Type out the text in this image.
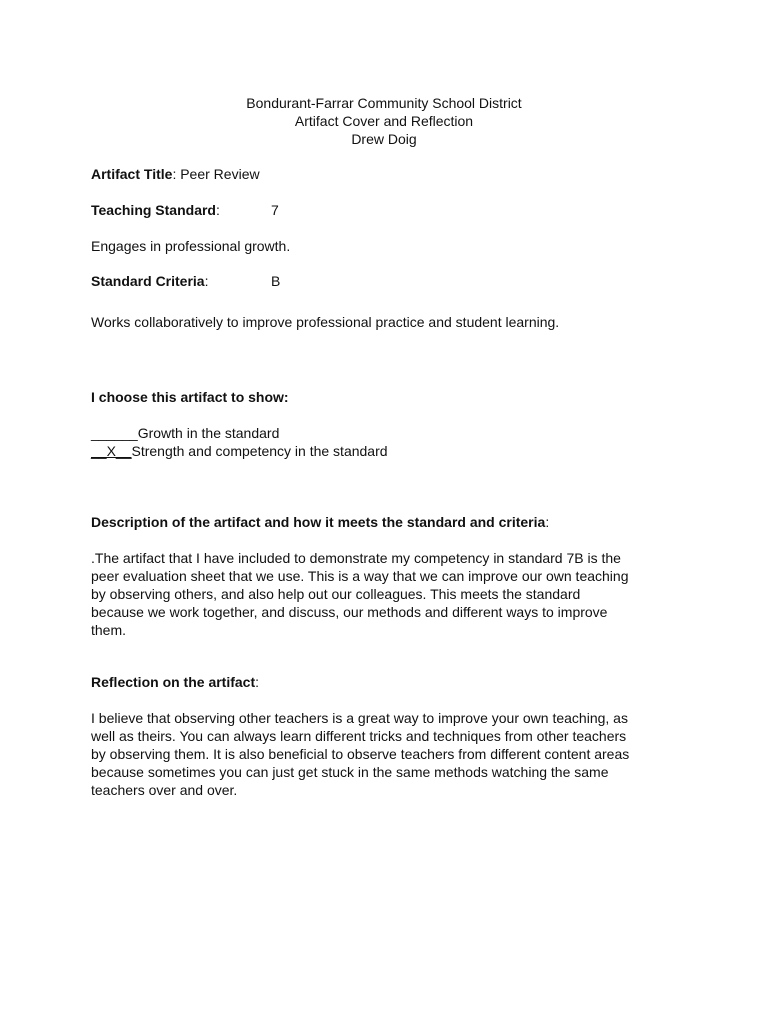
Bondurant-Farrar Community School District
Artifact Cover and Reflection
Drew Doig
Artifact Title: Peer Review
Teaching Standard:	7
Engages in professional growth.
Standard Criteria:	B
Works collaboratively to improve professional practice and student learning.
I choose this artifact to show:
______Growth in the standard
__X__Strength and competency in the standard
Description of the artifact and how it meets the standard and criteria:
.The artifact that I have included to demonstrate my competency in standard 7B is the
peer evaluation sheet that we use. This is a way that we can improve our own teaching
by observing others, and also help out our colleagues. This meets the standard
because we work together, and discuss, our methods and different ways to improve
them.
Reflection on the artifact:
I believe that observing other teachers is a great way to improve your own teaching, as
well as theirs. You can always learn different tricks and techniques from other teachers
by observing them. It is also beneficial to observe teachers from different content areas
because sometimes you can just get stuck in the same methods watching the same
teachers over and over.
